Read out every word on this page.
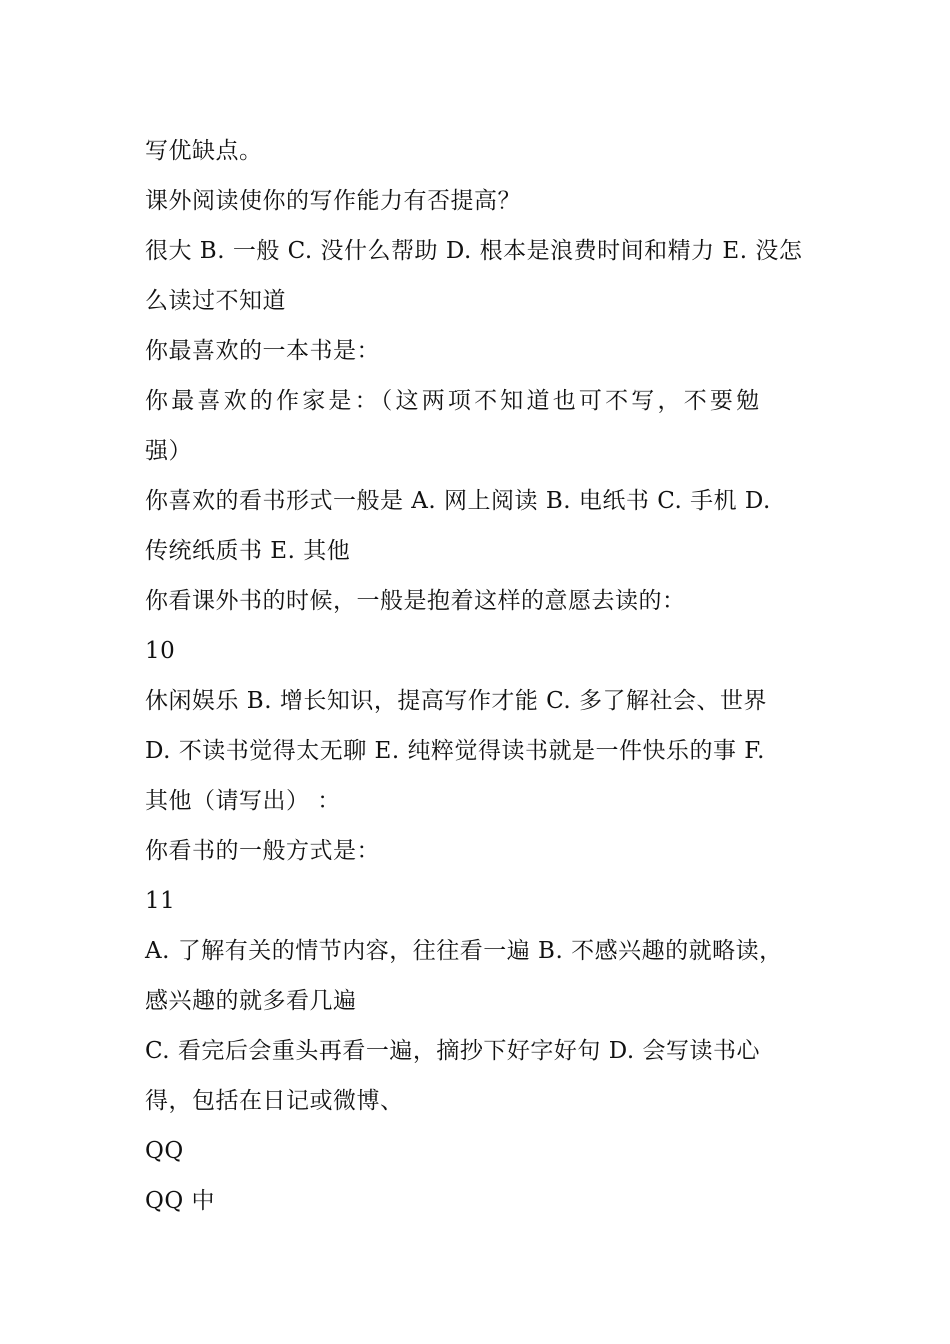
写优缺点。
课外阅读使你的写作能力有否提高？
很大 B. 一般 C. 没什么帮助 D. 根本是浪费时间和精力 E. 没怎
么读过不知道
你最喜欢的一本书是：
你最喜欢的作家是：（这两项不知道也可不写，不要勉
强）
你喜欢的看书形式一般是 A. 网上阅读 B. 电纸书 C. 手机 D.
传统纸质书 E. 其他
你看课外书的时候，一般是抱着这样的意愿去读的：
10
休闲娱乐 B. 增长知识，提高写作才能 C. 多了解社会、世界
D. 不读书觉得太无聊 E. 纯粹觉得读书就是一件快乐的事 F.
其他（请写出） ：
你看书的一般方式是：
11
A. 了解有关的情节内容，往往看一遍 B. 不感兴趣的就略读，
感兴趣的就多看几遍
C. 看完后会重头再看一遍，摘抄下好字好句 D. 会写读书心
得，包括在日记或微博、
QQ
QQ 中
